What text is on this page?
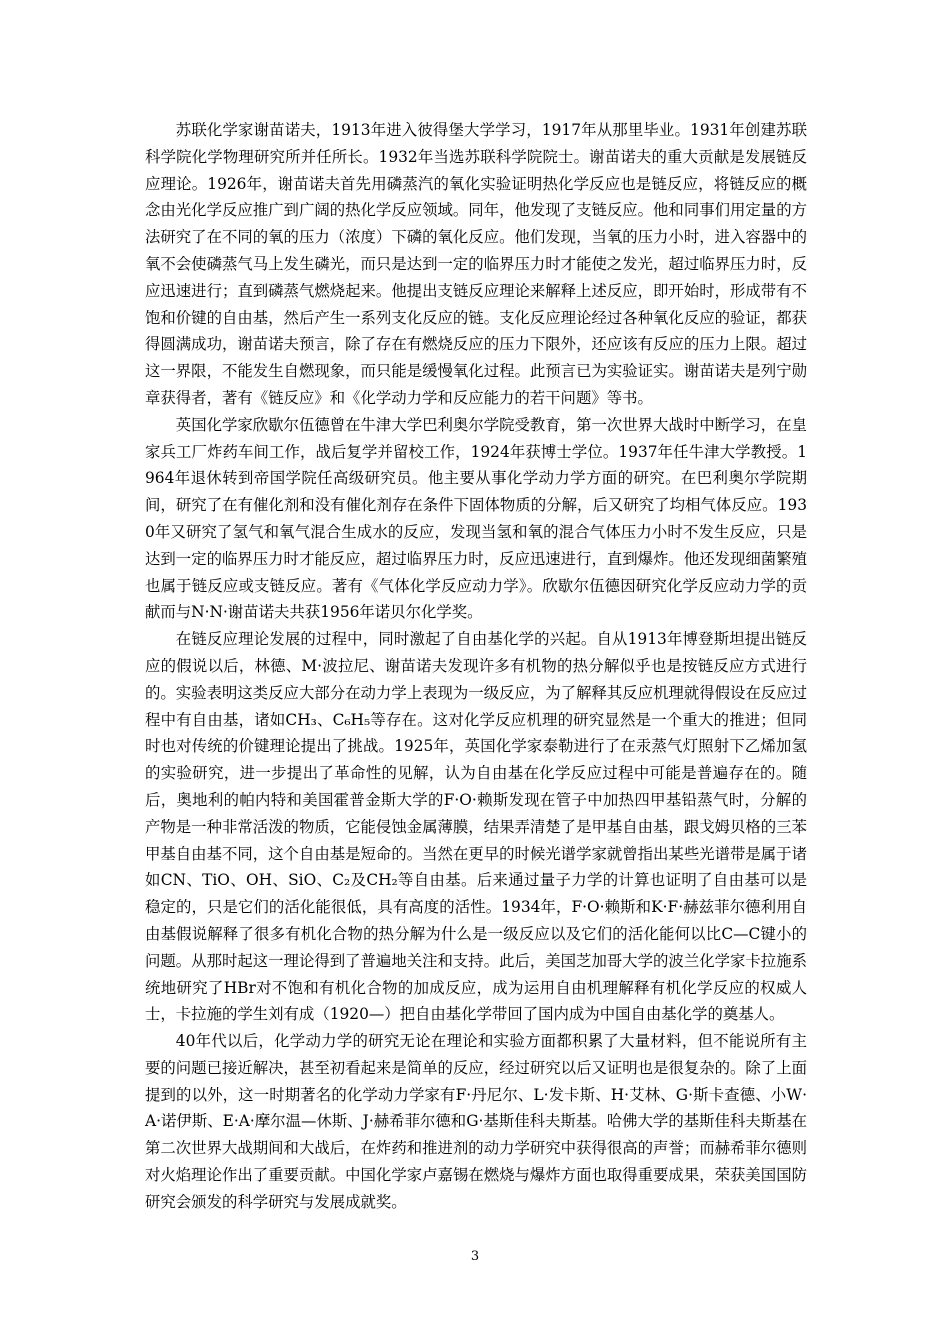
苏联化学家谢苗诺夫，1913年进入彼得堡大学学习，1917年从那里毕业。1931年创建苏联科学院化学物理研究所并任所长。1932年当选苏联科学院院士。谢苗诺夫的重大贡献是发展链反应理论。1926年，谢苗诺夫首先用磷蒸汽的氧化实验证明热化学反应也是链反应，将链反应的概念由光化学反应推广到广阔的热化学反应领域。同年，他发现了支链反应。他和同事们用定量的方法研究了在不同的氧的压力（浓度）下磷的氧化反应。他们发现，当氧的压力小时，进入容器中的氧不会使磷蒸气马上发生磷光，而只是达到一定的临界压力时才能使之发光，超过临界压力时，反应迅速进行；直到磷蒸气燃烧起来。他提出支链反应理论来解释上述反应，即开始时，形成带有不饱和价键的自由基，然后产生一系列支化反应的链。支化反应理论经过各种氧化反应的验证，都获得圆满成功，谢苗诺夫预言，除了存在有燃烧反应的压力下限外，还应该有反应的压力上限。超过这一界限，不能发生自燃现象，而只能是缓慢氧化过程。此预言已为实验证实。谢苗诺夫是列宁勋章获得者，著有《链反应》和《化学动力学和反应能力的若干问题》等书。

英国化学家欣歇尔伍德曾在牛津大学巴利奥尔学院受教育，第一次世界大战时中断学习，在皇家兵工厂炸药车间工作，战后复学并留校工作，1924年获博士学位。1937年任牛津大学教授。1964年退休转到帝国学院任高级研究员。他主要从事化学动力学方面的研究。在巴利奥尔学院期间，研究了在有催化剂和没有催化剂存在条件下固体物质的分解，后又研究了均相气体反应。1930年又研究了氢气和氧气混合生成水的反应，发现当氢和氧的混合气体压力小时不发生反应，只是达到一定的临界压力时才能反应，超过临界压力时，反应迅速进行，直到爆炸。他还发现细菌繁殖也属于链反应或支链反应。著有《气体化学反应动力学》。欣歇尔伍德因研究化学反应动力学的贡献而与N·N·谢苗诺夫共获1956年诺贝尔化学奖。

在链反应理论发展的过程中，同时激起了自由基化学的兴起。自从1913年博登斯坦提出链反应的假说以后，林德、M·波拉尼、谢苗诺夫发现许多有机物的热分解似乎也是按链反应方式进行的。实验表明这类反应大部分在动力学上表现为一级反应，为了解释其反应机理就得假设在反应过程中有自由基，诸如CH₃、C₆H₅等存在。这对化学反应机理的研究显然是一个重大的推进；但同时也对传统的价键理论提出了挑战。1925年，英国化学家泰勒进行了在汞蒸气灯照射下乙烯加氢的实验研究，进一步提出了革命性的见解，认为自由基在化学反应过程中可能是普遍存在的。随后，奥地利的帕内特和美国霍普金斯大学的F·O·赖斯发现在管子中加热四甲基铅蒸气时，分解的产物是一种非常活泼的物质，它能侵蚀金属薄膜，结果弄清楚了是甲基自由基，跟戈姆贝格的三苯甲基自由基不同，这个自由基是短命的。当然在更早的时候光谱学家就曾指出某些光谱带是属于诸如CN、TiO、OH、SiO、C₂及CH₂等自由基。后来通过量子力学的计算也证明了自由基可以是稳定的，只是它们的活化能很低，具有高度的活性。1934年，F·O·赖斯和K·F·赫兹菲尔德利用自由基假说解释了很多有机化合物的热分解为什么是一级反应以及它们的活化能何以比C—C键小的问题。从那时起这一理论得到了普遍地关注和支持。此后，美国芝加哥大学的波兰化学家卡拉施系统地研究了HBr对不饱和有机化合物的加成反应，成为运用自由机理解释有机化学反应的权威人士，卡拉施的学生刘有成（1920—）把自由基化学带回了国内成为中国自由基化学的奠基人。

40年代以后，化学动力学的研究无论在理论和实验方面都积累了大量材料，但不能说所有主要的问题已接近解决，甚至初看起来是简单的反应，经过研究以后又证明也是很复杂的。除了上面提到的以外，这一时期著名的化学动力学家有F·丹尼尔、L·发卡斯、H·艾林、G·斯卡查德、小W·A·诺伊斯、E·A·摩尔温—休斯、J·赫希菲尔德和G·基斯佳科夫斯基。哈佛大学的基斯佳科夫斯基在第二次世界大战期间和大战后，在炸药和推进剂的动力学研究中获得很高的声誉；而赫希菲尔德则对火焰理论作出了重要贡献。中国化学家卢嘉锡在燃烧与爆炸方面也取得重要成果，荣获美国国防研究会颁发的科学研究与发展成就奖。

3
